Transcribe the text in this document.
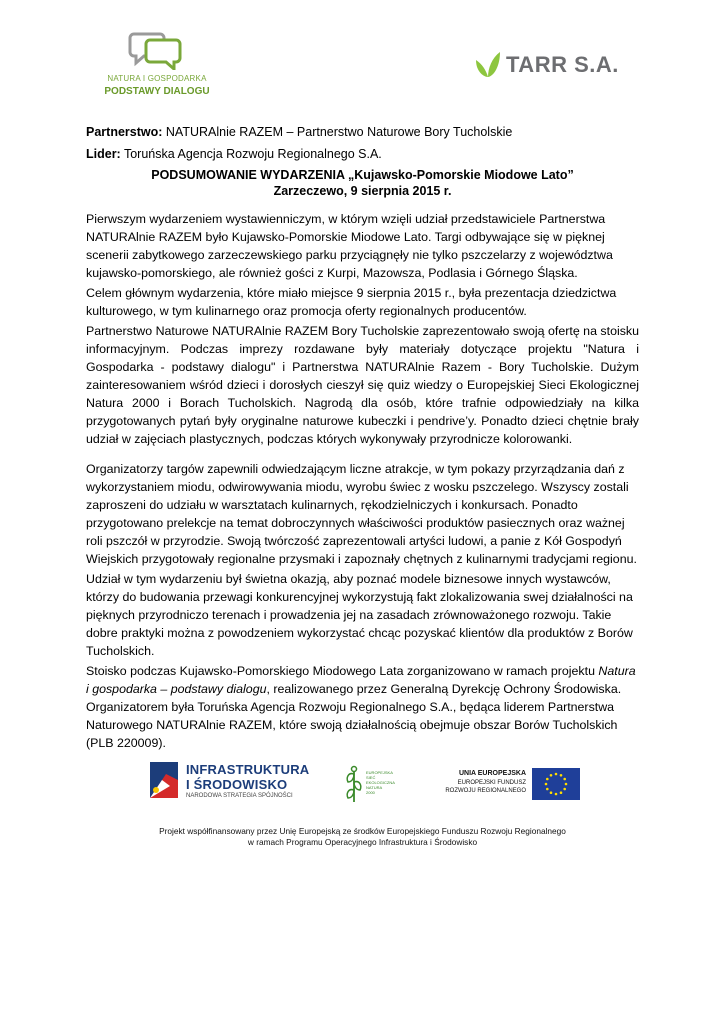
NATURA I GOSPODARKA
PODSTAWY DIALOGU
TARR S.A.
Partnerstwo: NATURAlnie RAZEM – Partnerstwo Naturowe Bory Tucholskie
Lider: Toruńska Agencja Rozwoju Regionalnego S.A.
PODSUMOWANIE WYDARZENIA „Kujawsko-Pomorskie Miodowe Lato”
Zarzeczewo, 9 sierpnia 2015 r.

Pierwszym wydarzeniem wystawienniczym, w którym wzięli udział przedstawiciele Partnerstwa NATURAlnie RAZEM było Kujawsko-Pomorskie Miodowe Lato. Targi odbywające się w pięknej scenerii zabytkowego zarzeczewskiego parku przyciągnęły nie tylko pszczelarzy z województwa kujawsko-pomorskiego, ale również gości z Kurpi, Mazowsza, Podlasia i Górnego Śląska.

Celem głównym wydarzenia, które miało miejsce 9 sierpnia 2015 r., była prezentacja dziedzictwa kulturowego, w tym kulinarnego oraz promocja oferty regionalnych producentów.

Partnerstwo Naturowe NATURAlnie RAZEM Bory Tucholskie zaprezentowało swoją ofertę na stoisku informacyjnym. Podczas imprezy rozdawane były materiały dotyczące projektu "Natura i Gospodarka - podstawy dialogu" i Partnerstwa NATURAlnie Razem - Bory Tucholskie. Dużym zainteresowaniem wśród dzieci i dorosłych cieszył się quiz wiedzy o Europejskiej Sieci Ekologicznej Natura 2000 i Borach Tucholskich. Nagrodą dla osób, które trafnie odpowiedziały na kilka przygotowanych pytań były oryginalne naturowe kubeczki i pendrive’y. Ponadto dzieci chętnie brały udział w zajęciach plastycznych, podczas których wykonywały przyrodnicze kolorowanki.

Organizatorzy targów zapewnili odwiedzającym liczne atrakcje, w tym pokazy przyrządzania dań z wykorzystaniem miodu, odwirowywania miodu, wyrobu świec z wosku pszczelego. Wszyscy zostali zaproszeni do udziału w warsztatach kulinarnych, rękodzielniczych i konkursach. Ponadto przygotowano prelekcje na temat dobroczynnych właściwości produktów pasiecznych oraz ważnej roli pszczół w przyrodzie. Swoją twórczość zaprezentowali artyści ludowi, a panie z Kół Gospodyń Wiejskich przygotowały regionalne przysmaki i zapoznały chętnych z kulinarnymi tradycjami regionu.

Udział w tym wydarzeniu był świetna okazją, aby poznać modele biznesowe innych wystawców, którzy do budowania przewagi konkurencyjnej wykorzystują fakt zlokalizowania swej działalności na pięknych przyrodniczo terenach i prowadzenia jej na zasadach zrównoważonego rozwoju. Takie dobre praktyki można z powodzeniem wykorzystać chcąc pozyskać klientów dla produktów z Borów Tucholskich.

Stoisko podczas Kujawsko-Pomorskiego Miodowego Lata zorganizowano w ramach projektu Natura i gospodarka – podstawy dialogu, realizowanego przez Generalną Dyrekcję Ochrony Środowiska. Organizatorem była Toruńska Agencja Rozwoju Regionalnego S.A., będąca liderem Partnerstwa Naturowego NATURAlnie RAZEM, które swoją działalnością obejmuje obszar Borów Tucholskich (PLB 220009).

INFRASTRUKTURA
I ŚRODOWISKO
NARODOWA STRATEGIA SPÓJNOŚCI
EUROPEJSKA SIEĆ EKOLOGICZNA NATURA 2000
UNIA EUROPEJSKA
EUROPEJSKI FUNDUSZ
ROZWOJU REGIONALNEGO
Projekt współfinansowany przez Unię Europejską ze środków Europejskiego Funduszu Rozwoju Regionalnego
w ramach Programu Operacyjnego Infrastruktura i Środowisko
